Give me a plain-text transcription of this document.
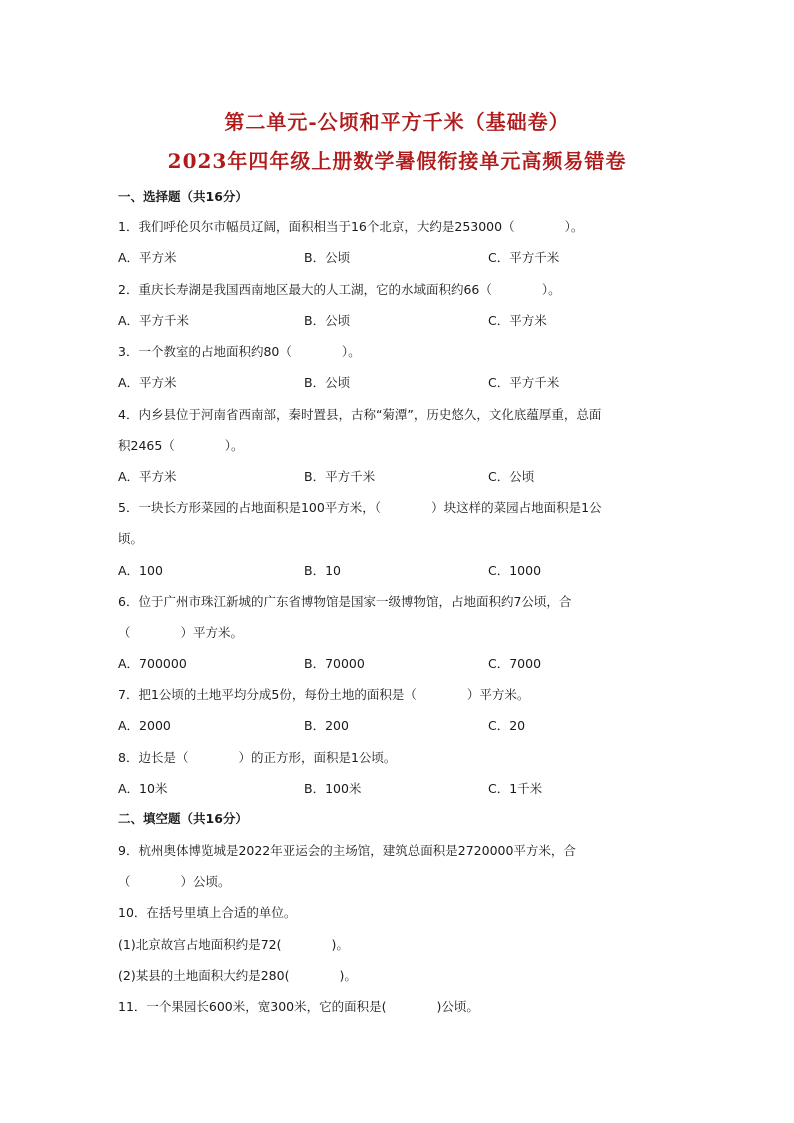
第二单元-公顷和平方千米（基础卷）
2023年四年级上册数学暑假衔接单元高频易错卷
一、选择题（共16分）
1．我们呼伦贝尔市幅员辽阔，面积相当于16个北京，大约是253000（　　　　）。
A．平方米	B．公顷	C．平方千米
2．重庆长寿湖是我国西南地区最大的人工湖，它的水域面积约66（　　　　）。
A．平方千米	B．公顷	C．平方米
3．一个教室的占地面积约80（　　　　）。
A．平方米	B．公顷	C．平方千米
4．内乡县位于河南省西南部，秦时置县，古称“菊潭”，历史悠久，文化底蕴厚重，总面
积2465（　　　　）。
A．平方米	B．平方千米	C．公顷
5．一块长方形菜园的占地面积是100平方米，（　　　　）块这样的菜园占地面积是1公
顷。
A．100	B．10	C．1000
6．位于广州市珠江新城的广东省博物馆是国家一级博物馆，占地面积约7公顷，合
（　　　　）平方米。
A．700000	B．70000	C．7000
7．把1公顷的土地平均分成5份，每份土地的面积是（　　　　）平方米。
A．2000	B．200	C．20
8．边长是（　　　　）的正方形，面积是1公顷。
A．10米	B．100米	C．1千米
二、填空题（共16分）
9．杭州奥体博览城是2022年亚运会的主场馆，建筑总面积是2720000平方米，合
（　　　　）公顷。
10．在括号里填上合适的单位。
(1)北京故宫占地面积约是72(　　　　)。
(2)某县的土地面积大约是280(　　　　)。
11．一个果园长600米，宽300米，它的面积是(　　　　)公顷。
